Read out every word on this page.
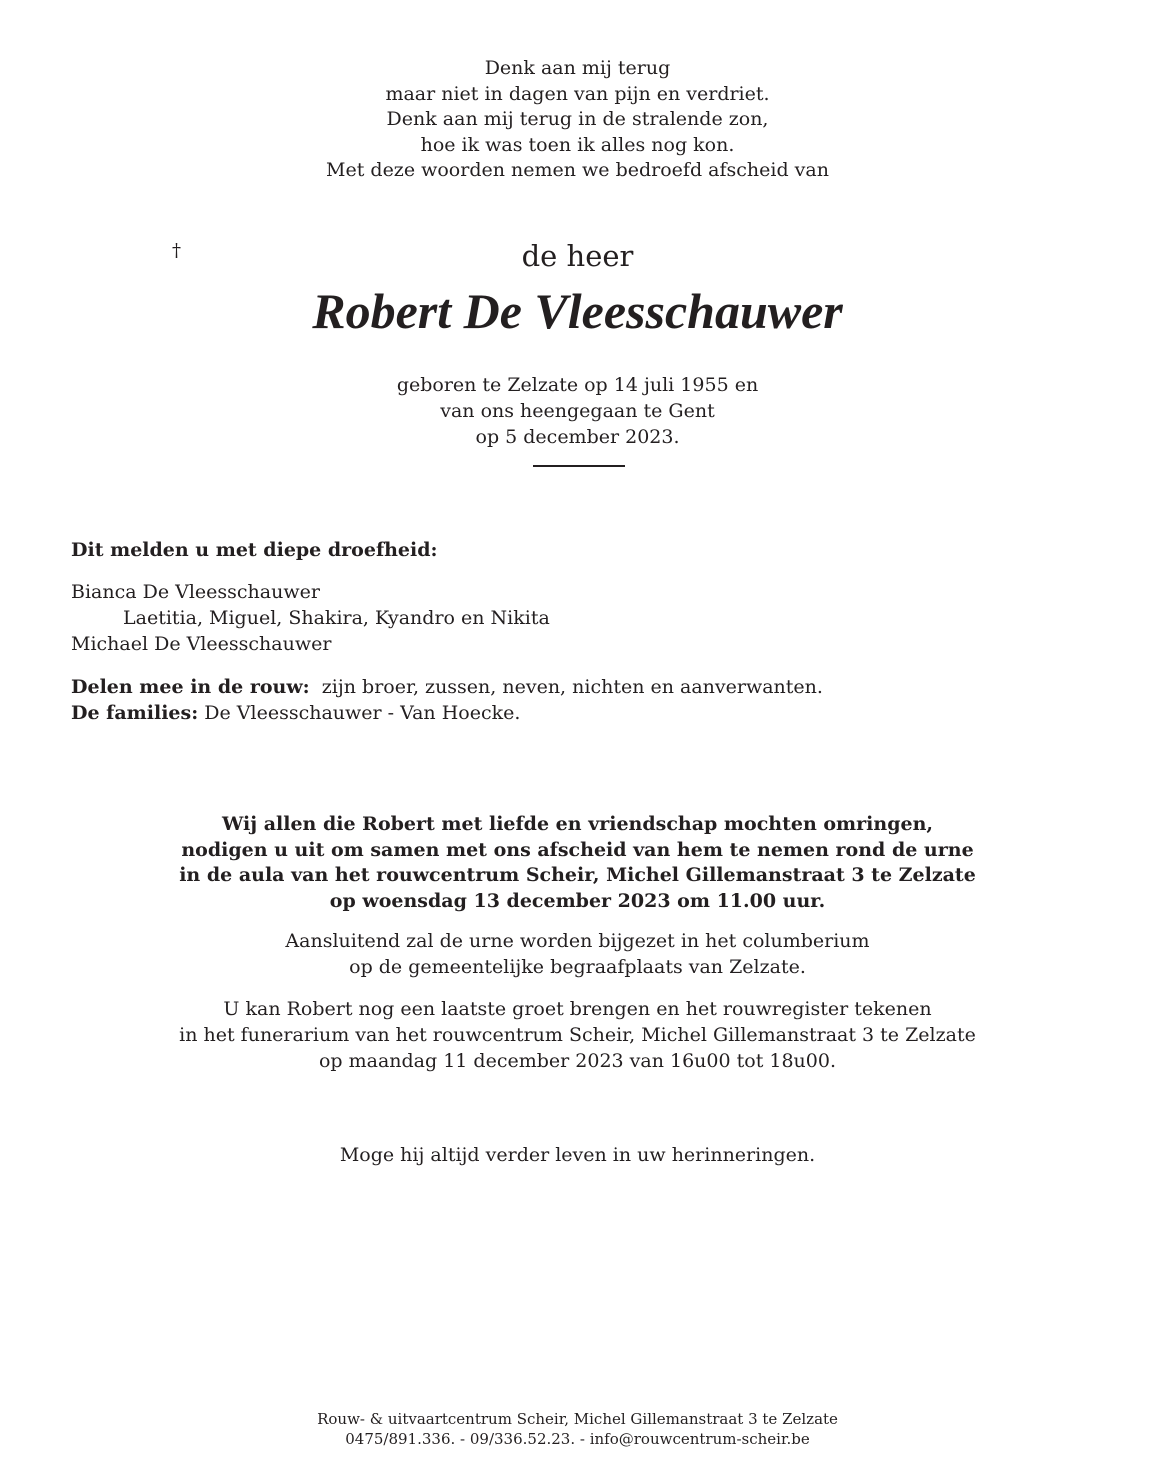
Denk aan mij terug
maar niet in dagen van pijn en verdriet.
Denk aan mij terug in de stralende zon,
hoe ik was toen ik alles nog kon.
Met deze woorden nemen we bedroefd afscheid van
†	de heer
Robert De Vleesschauwer
geboren te Zelzate op 14 juli 1955 en
van ons heengegaan te Gent
op 5 december 2023.
Dit melden u met diepe droefheid:
Bianca De Vleesschauwer
Laetitia, Miguel, Shakira, Kyandro en Nikita
Michael De Vleesschauwer
Delen mee in de rouw: zijn broer, zussen, neven, nichten en aanverwanten.
De families: De Vleesschauwer - Van Hoecke.
Wij allen die Robert met liefde en vriendschap mochten omringen,
nodigen u uit om samen met ons afscheid van hem te nemen rond de urne
in de aula van het rouwcentrum Scheir, Michel Gillemanstraat 3 te Zelzate
op woensdag 13 december 2023 om 11.00 uur.
Aansluitend zal de urne worden bijgezet in het columberium
op de gemeentelijke begraafplaats van Zelzate.
U kan Robert nog een laatste groet brengen en het rouwregister tekenen
in het funerarium van het rouwcentrum Scheir, Michel Gillemanstraat 3 te Zelzate
op maandag 11 december 2023 van 16u00 tot 18u00.
Moge hij altijd verder leven in uw herinneringen.
Rouw- & uitvaartcentrum Scheir, Michel Gillemanstraat 3 te Zelzate
0475/891.336. - 09/336.52.23. - info@rouwcentrum-scheir.be
